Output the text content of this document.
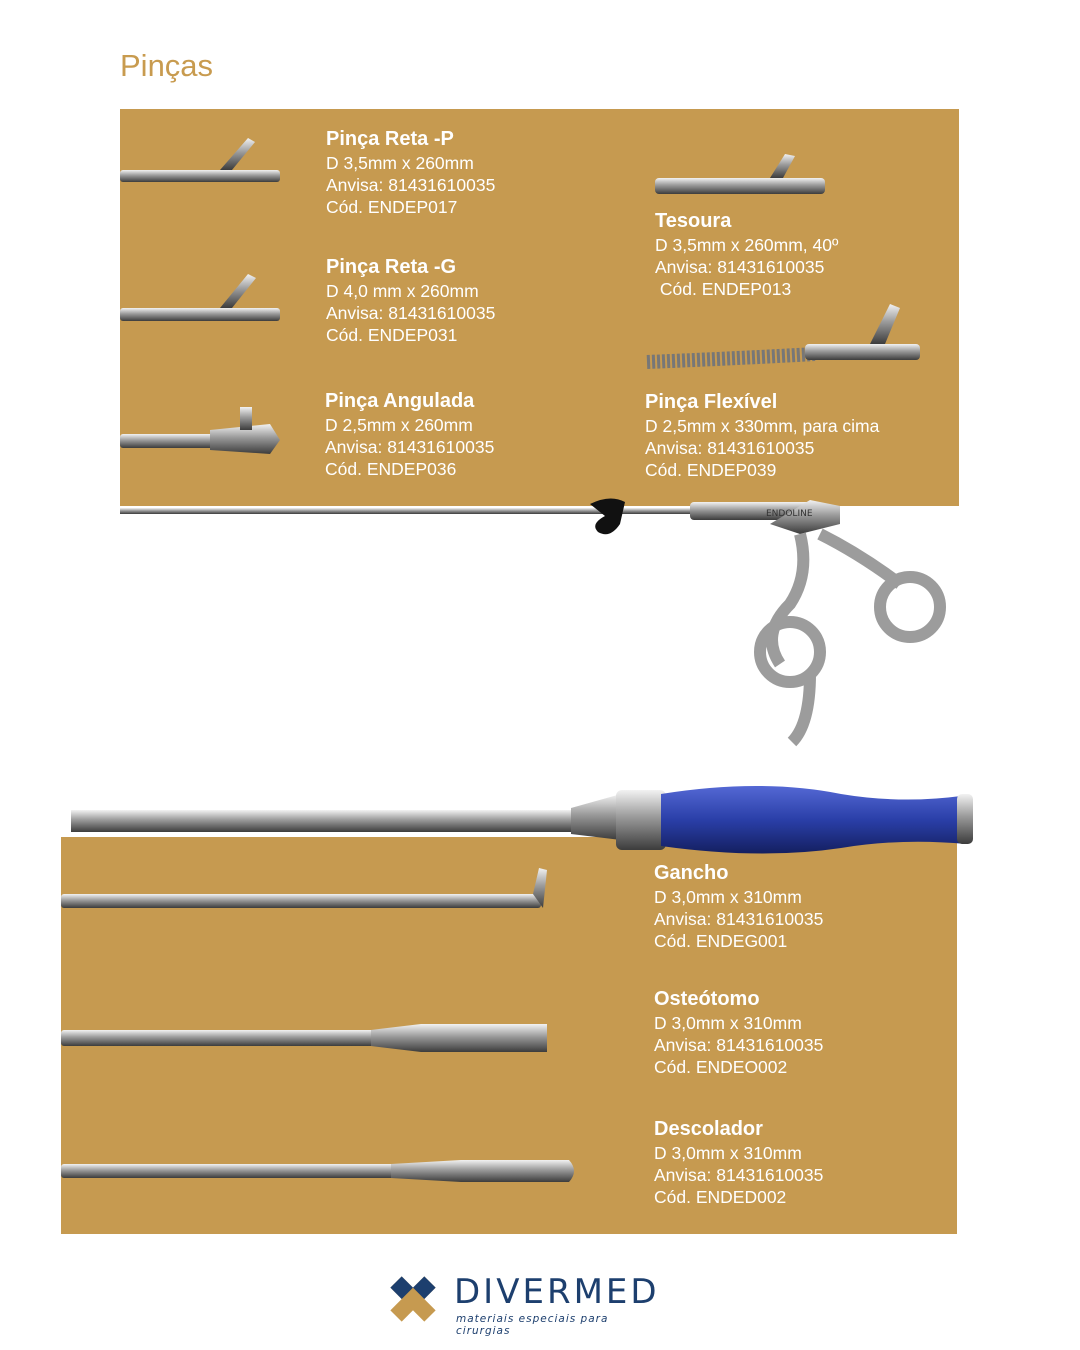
Pinças
Pinça Reta -P
D 3,5mm x 260mm
Anvisa: 81431610035
Cód. ENDEP017
Pinça Reta -G
D 4,0 mm x 260mm
Anvisa: 81431610035
Cód. ENDEP031
Pinça Angulada
D 2,5mm x 260mm
Anvisa: 81431610035
Cód. ENDEP036
Tesoura
D 3,5mm x 260mm, 40º
Anvisa: 81431610035
Cód. ENDEP013
Pinça Flexível
D 2,5mm x 330mm, para cima
Anvisa: 81431610035
Cód. ENDEP039
ENDOLINE
Gancho
D 3,0mm x 310mm
Anvisa: 81431610035
Cód. ENDEG001
Osteótomo
D 3,0mm x 310mm
Anvisa: 81431610035
Cód. ENDEO002
Descolador
D 3,0mm x 310mm
Anvisa: 81431610035
Cód. ENDED002
DIVERMED
materiais especiais para cirurgias
